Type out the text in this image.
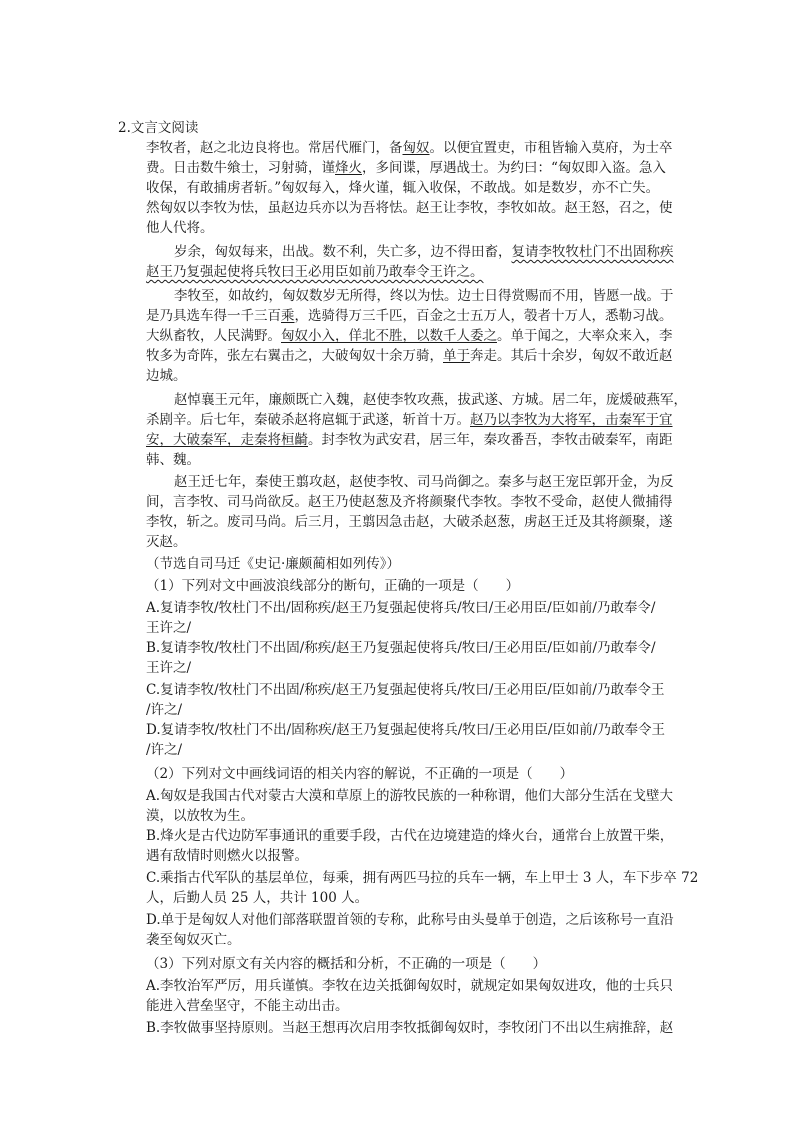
2.文言文阅读
李牧者，赵之北边良将也。常居代雁门，备匈奴。以便宜置吏，市租皆输入莫府，为士卒
费。日击数牛飨士，习射骑，谨烽火，多间谍，厚遇战士。为约曰：“匈奴即入盗。急入
收保，有敢捕虏者斩。”匈奴每入，烽火谨，辄入收保，不敢战。如是数岁，亦不亡失。
然匈奴以李牧为怯，虽赵边兵亦以为吾将怯。赵王让李牧，李牧如故。赵王怒，召之，使
他人代将。
岁余，匈奴每来，出战。数不利，失亡多，边不得田畜，复请李牧牧杜门不出固称疾
赵王乃复强起使将兵牧曰王必用臣如前乃敢奉令王许之。
李牧至，如故约，匈奴数岁无所得，终以为怯。边士日得赏赐而不用，皆愿一战。于
是乃具选车得一千三百乘，选骑得万三千匹，百金之士五万人，彀者十万人，悉勒习战。
大纵畜牧，人民满野。匈奴小入，佯北不胜，以数千人委之。单于闻之，大率众来入，李
牧多为奇阵，张左右翼击之，大破匈奴十余万骑，单于奔走。其后十余岁，匈奴不敢近赵
边城。
赵悼襄王元年，廉颇既亡入魏，赵使李牧攻燕，拔武遂、方城。居二年，庞煖破燕军，
杀剧辛。后七年，秦破杀赵将扈辄于武遂，斩首十万。赵乃以李牧为大将军，击秦军于宜
安，大破秦军，走秦将桓齮。封李牧为武安君，居三年，秦攻番吾，李牧击破秦军，南距
韩、魏。
赵王迁七年，秦使王翦攻赵，赵使李牧、司马尚御之。秦多与赵王宠臣郭开金，为反
间，言李牧、司马尚欲反。赵王乃使赵葱及齐将颜聚代李牧。李牧不受命，赵使人微捕得
李牧，斩之。废司马尚。后三月，王翦因急击赵，大破杀赵葱，虏赵王迁及其将颜聚，遂
灭赵。
（节选自司马迁《史记·廉颇蔺相如列传》）
（1）下列对文中画波浪线部分的断句，正确的一项是（　　）
A.复请李牧/牧杜门不出/固称疾/赵王乃复强起使将兵/牧曰/王必用臣/臣如前/乃敢奉令/
王许之/
B.复请李牧/牧杜门不出固/称疾/赵王乃复强起使将兵/牧曰/王必用臣/臣如前/乃敢奉令/
王许之/
C.复请李牧/牧杜门不出固/称疾/赵王乃复强起使将兵/牧曰/王必用臣/臣如前/乃敢奉令王
/许之/
D.复请李牧/牧杜门不出/固称疾/赵王乃复强起使将兵/牧曰/王必用臣/臣如前/乃敢奉令王
/许之/
（2）下列对文中画线词语的相关内容的解说，不正确的一项是（　　）
A.匈奴是我国古代对蒙古大漠和草原上的游牧民族的一种称谓，他们大部分生活在戈壁大
漠，以放牧为生。
B.烽火是古代边防军事通讯的重要手段，古代在边境建造的烽火台，通常台上放置干柴，
遇有敌情时则燃火以报警。
C.乘指古代军队的基层单位，每乘，拥有两匹马拉的兵车一辆，车上甲士 3 人，车下步卒 72
人，后勤人员 25 人，共计 100 人。
D.单于是匈奴人对他们部落联盟首领的专称，此称号由头曼单于创造，之后该称号一直沿
袭至匈奴灭亡。
（3）下列对原文有关内容的概括和分析，不正确的一项是（　　）
A.李牧治军严厉，用兵谨慎。李牧在边关抵御匈奴时，就规定如果匈奴进攻，他的士兵只
能进入营垒坚守，不能主动出击。
B.李牧做事坚持原则。当赵王想再次启用李牧抵御匈奴时，李牧闭门不出以生病推辞，赵
